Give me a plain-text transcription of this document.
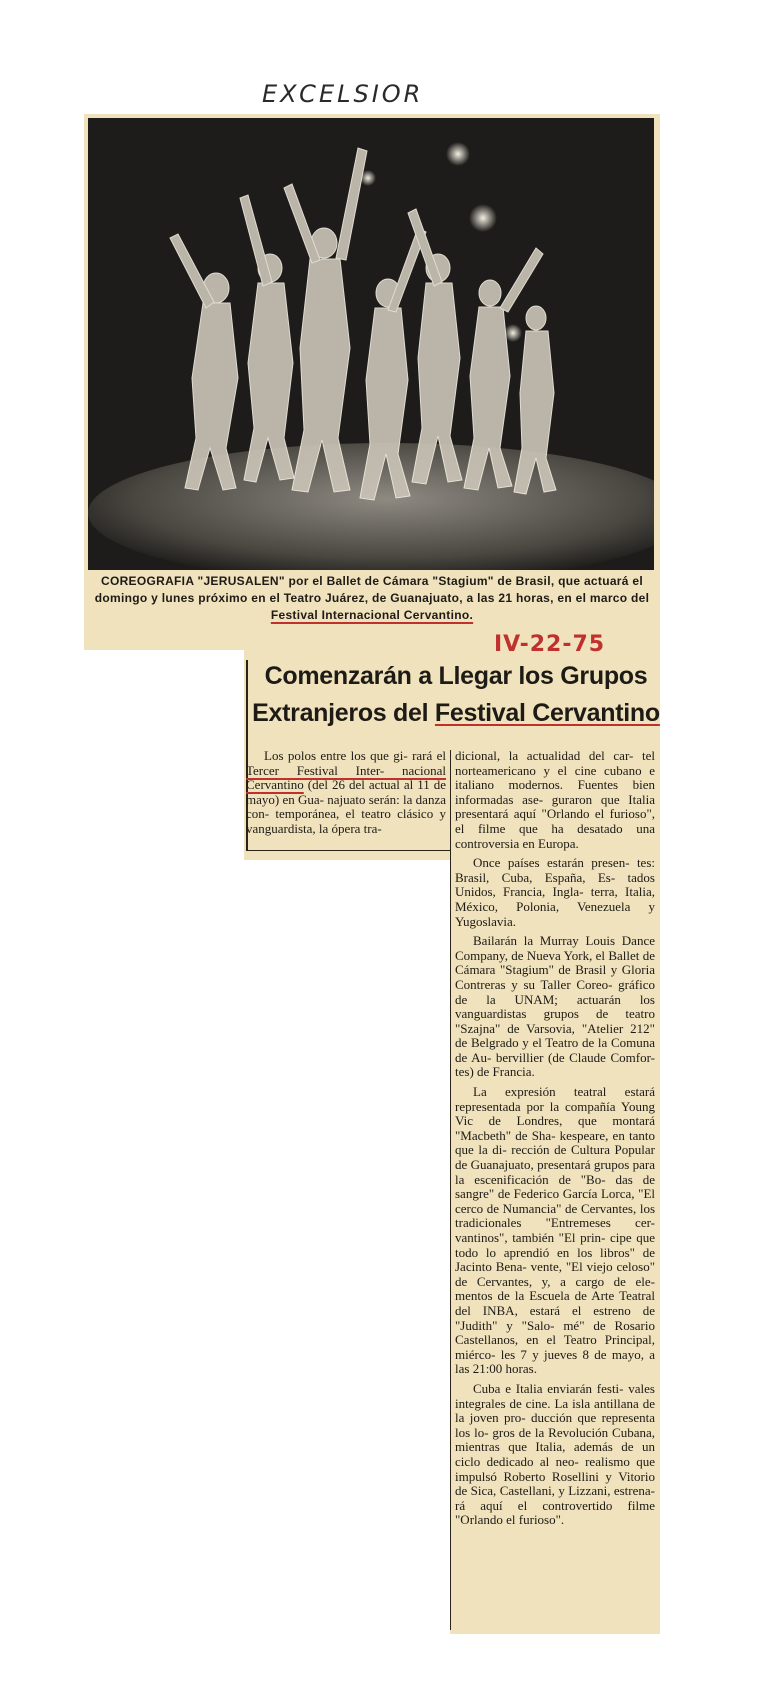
EXCELSIOR
COREOGRAFIA "JERUSALEN" por el Ballet de Cámara "Stagium" de Brasil, que actuará el domingo y lunes próximo en el Teatro Juárez, de Guanajuato, a las 21 horas, en el marco del Festival Internacional Cervantino.
IV-22-75
Comenzarán a Llegar los Grupos
Extranjeros del Festival Cervantino

Los polos entre los que gi- rará el Tercer Festival Inter- nacional Cervantino (del 26 del actual al 11 de mayo) en Gua- najuato serán: la danza con- temporánea, el teatro clásico y vanguardista, la ópera tra-

dicional, la actualidad del car- tel norteamericano y el cine cubano e italiano modernos. Fuentes bien informadas ase- guraron que Italia presentará aquí "Orlando el furioso", el filme que ha desatado una controversia en Europa.

Once países estarán presen- tes: Brasil, Cuba, España, Es- tados Unidos, Francia, Ingla- terra, Italia, México, Polonia, Venezuela y Yugoslavia.

Bailarán la Murray Louis Dance Company, de Nueva York, el Ballet de Cámara "Stagium" de Brasil y Gloria Contreras y su Taller Coreo- gráfico de la UNAM; actuarán los vanguardistas grupos de teatro "Szajna" de Varsovia, "Atelier 212" de Belgrado y el Teatro de la Comuna de Au- bervillier (de Claude Comfor- tes) de Francia.

La expresión teatral estará representada por la compañía Young Vic de Londres, que montará "Macbeth" de Sha- kespeare, en tanto que la di- rección de Cultura Popular de Guanajuato, presentará grupos para la escenificación de "Bo- das de sangre" de Federico García Lorca, "El cerco de Numancia" de Cervantes, los tradicionales "Entremeses cer- vantinos", también "El prin- cipe que todo lo aprendió en los libros" de Jacinto Bena- vente, "El viejo celoso" de Cervantes, y, a cargo de ele- mentos de la Escuela de Arte Teatral del INBA, estará el estreno de "Judith" y "Salo- mé" de Rosario Castellanos, en el Teatro Principal, miérco- les 7 y jueves 8 de mayo, a las 21:00 horas.

Cuba e Italia enviarán festi- vales integrales de cine. La isla antillana de la joven pro- ducción que representa los lo- gros de la Revolución Cubana, mientras que Italia, además de un ciclo dedicado al neo- realismo que impulsó Roberto Rosellini y Vitorio de Sica, Castellani, y Lizzani, estrena- rá aquí el controvertido filme "Orlando el furioso".
